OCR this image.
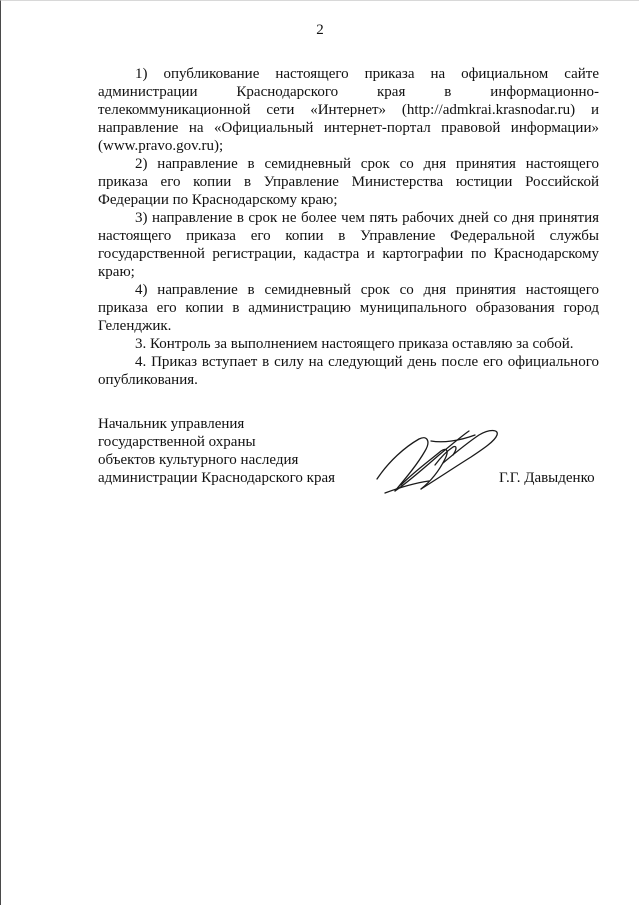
2

1) опубликование настоящего приказа на официальном сайте администрации Краснодарского края в информационно-телекоммуникационной сети «Интернет» (http://admkrai.krasnodar.ru) и направление на «Официальный интернет-портал правовой информации» (www.pravo.gov.ru);

2) направление в семидневный срок со дня принятия настоящего приказа его копии в Управление Министерства юстиции Российской Федерации по Краснодарскому краю;

3) направление в срок не более чем пять рабочих дней со дня принятия настоящего приказа его копии в Управление Федеральной службы государственной регистрации, кадастра и картографии по Краснодарскому краю;

4) направление в семидневный срок со дня принятия настоящего приказа его копии в администрацию муниципального образования город Геленджик.

3. Контроль за выполнением настоящего приказа оставляю за собой.

4. Приказ вступает в силу на следующий день после его официального опубликования.

Начальник управления
государственной охраны
объектов культурного наследия
администрации Краснодарского края	Г.Г. Давыденко
